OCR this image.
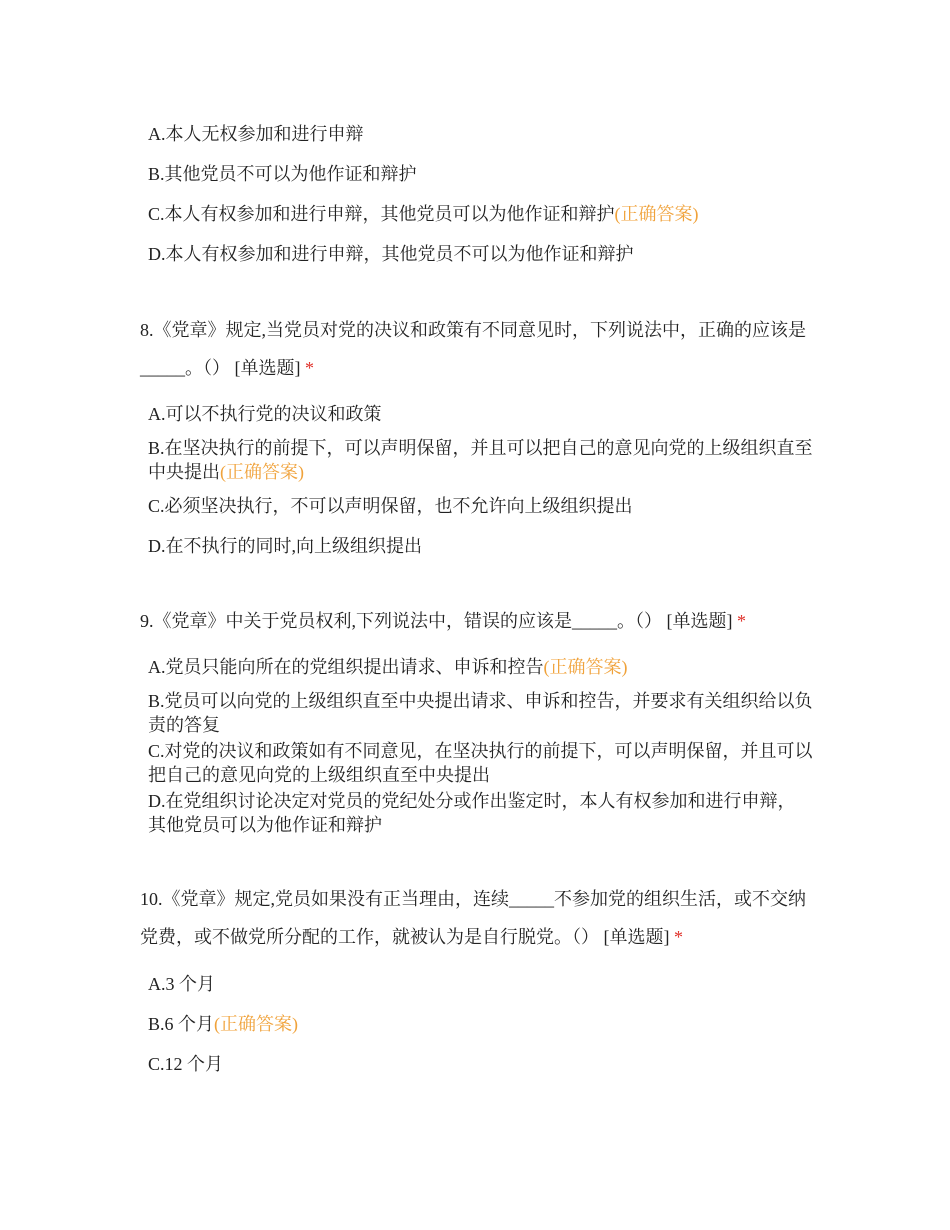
A.本人无权参加和进行申辩
B.其他党员不可以为他作证和辩护
C.本人有权参加和进行申辩，其他党员可以为他作证和辩护(正确答案)
D.本人有权参加和进行申辩，其他党员不可以为他作证和辩护

8.《党章》规定,当党员对党的决议和政策有不同意见时，下列说法中，正确的应该是_____。（） [单选题] *

A.可以不执行党的决议和政策
B.在坚决执行的前提下，可以声明保留，并且可以把自己的意见向党的上级组织直至中央提出(正确答案)
C.必须坚决执行，不可以声明保留，也不允许向上级组织提出
D.在不执行的同时,向上级组织提出

9.《党章》中关于党员权利,下列说法中，错误的应该是_____。（） [单选题] *

A.党员只能向所在的党组织提出请求、申诉和控告(正确答案)
B.党员可以向党的上级组织直至中央提出请求、申诉和控告，并要求有关组织给以负责的答复
C.对党的决议和政策如有不同意见，在坚决执行的前提下，可以声明保留，并且可以把自己的意见向党的上级组织直至中央提出
D.在党组织讨论决定对党员的党纪处分或作出鉴定时，本人有权参加和进行申辩，其他党员可以为他作证和辩护

10.《党章》规定,党员如果没有正当理由，连续_____不参加党的组织生活，或不交纳党费，或不做党所分配的工作，就被认为是自行脱党。（） [单选题] *

A.3 个月
B.6 个月(正确答案)
C.12 个月
